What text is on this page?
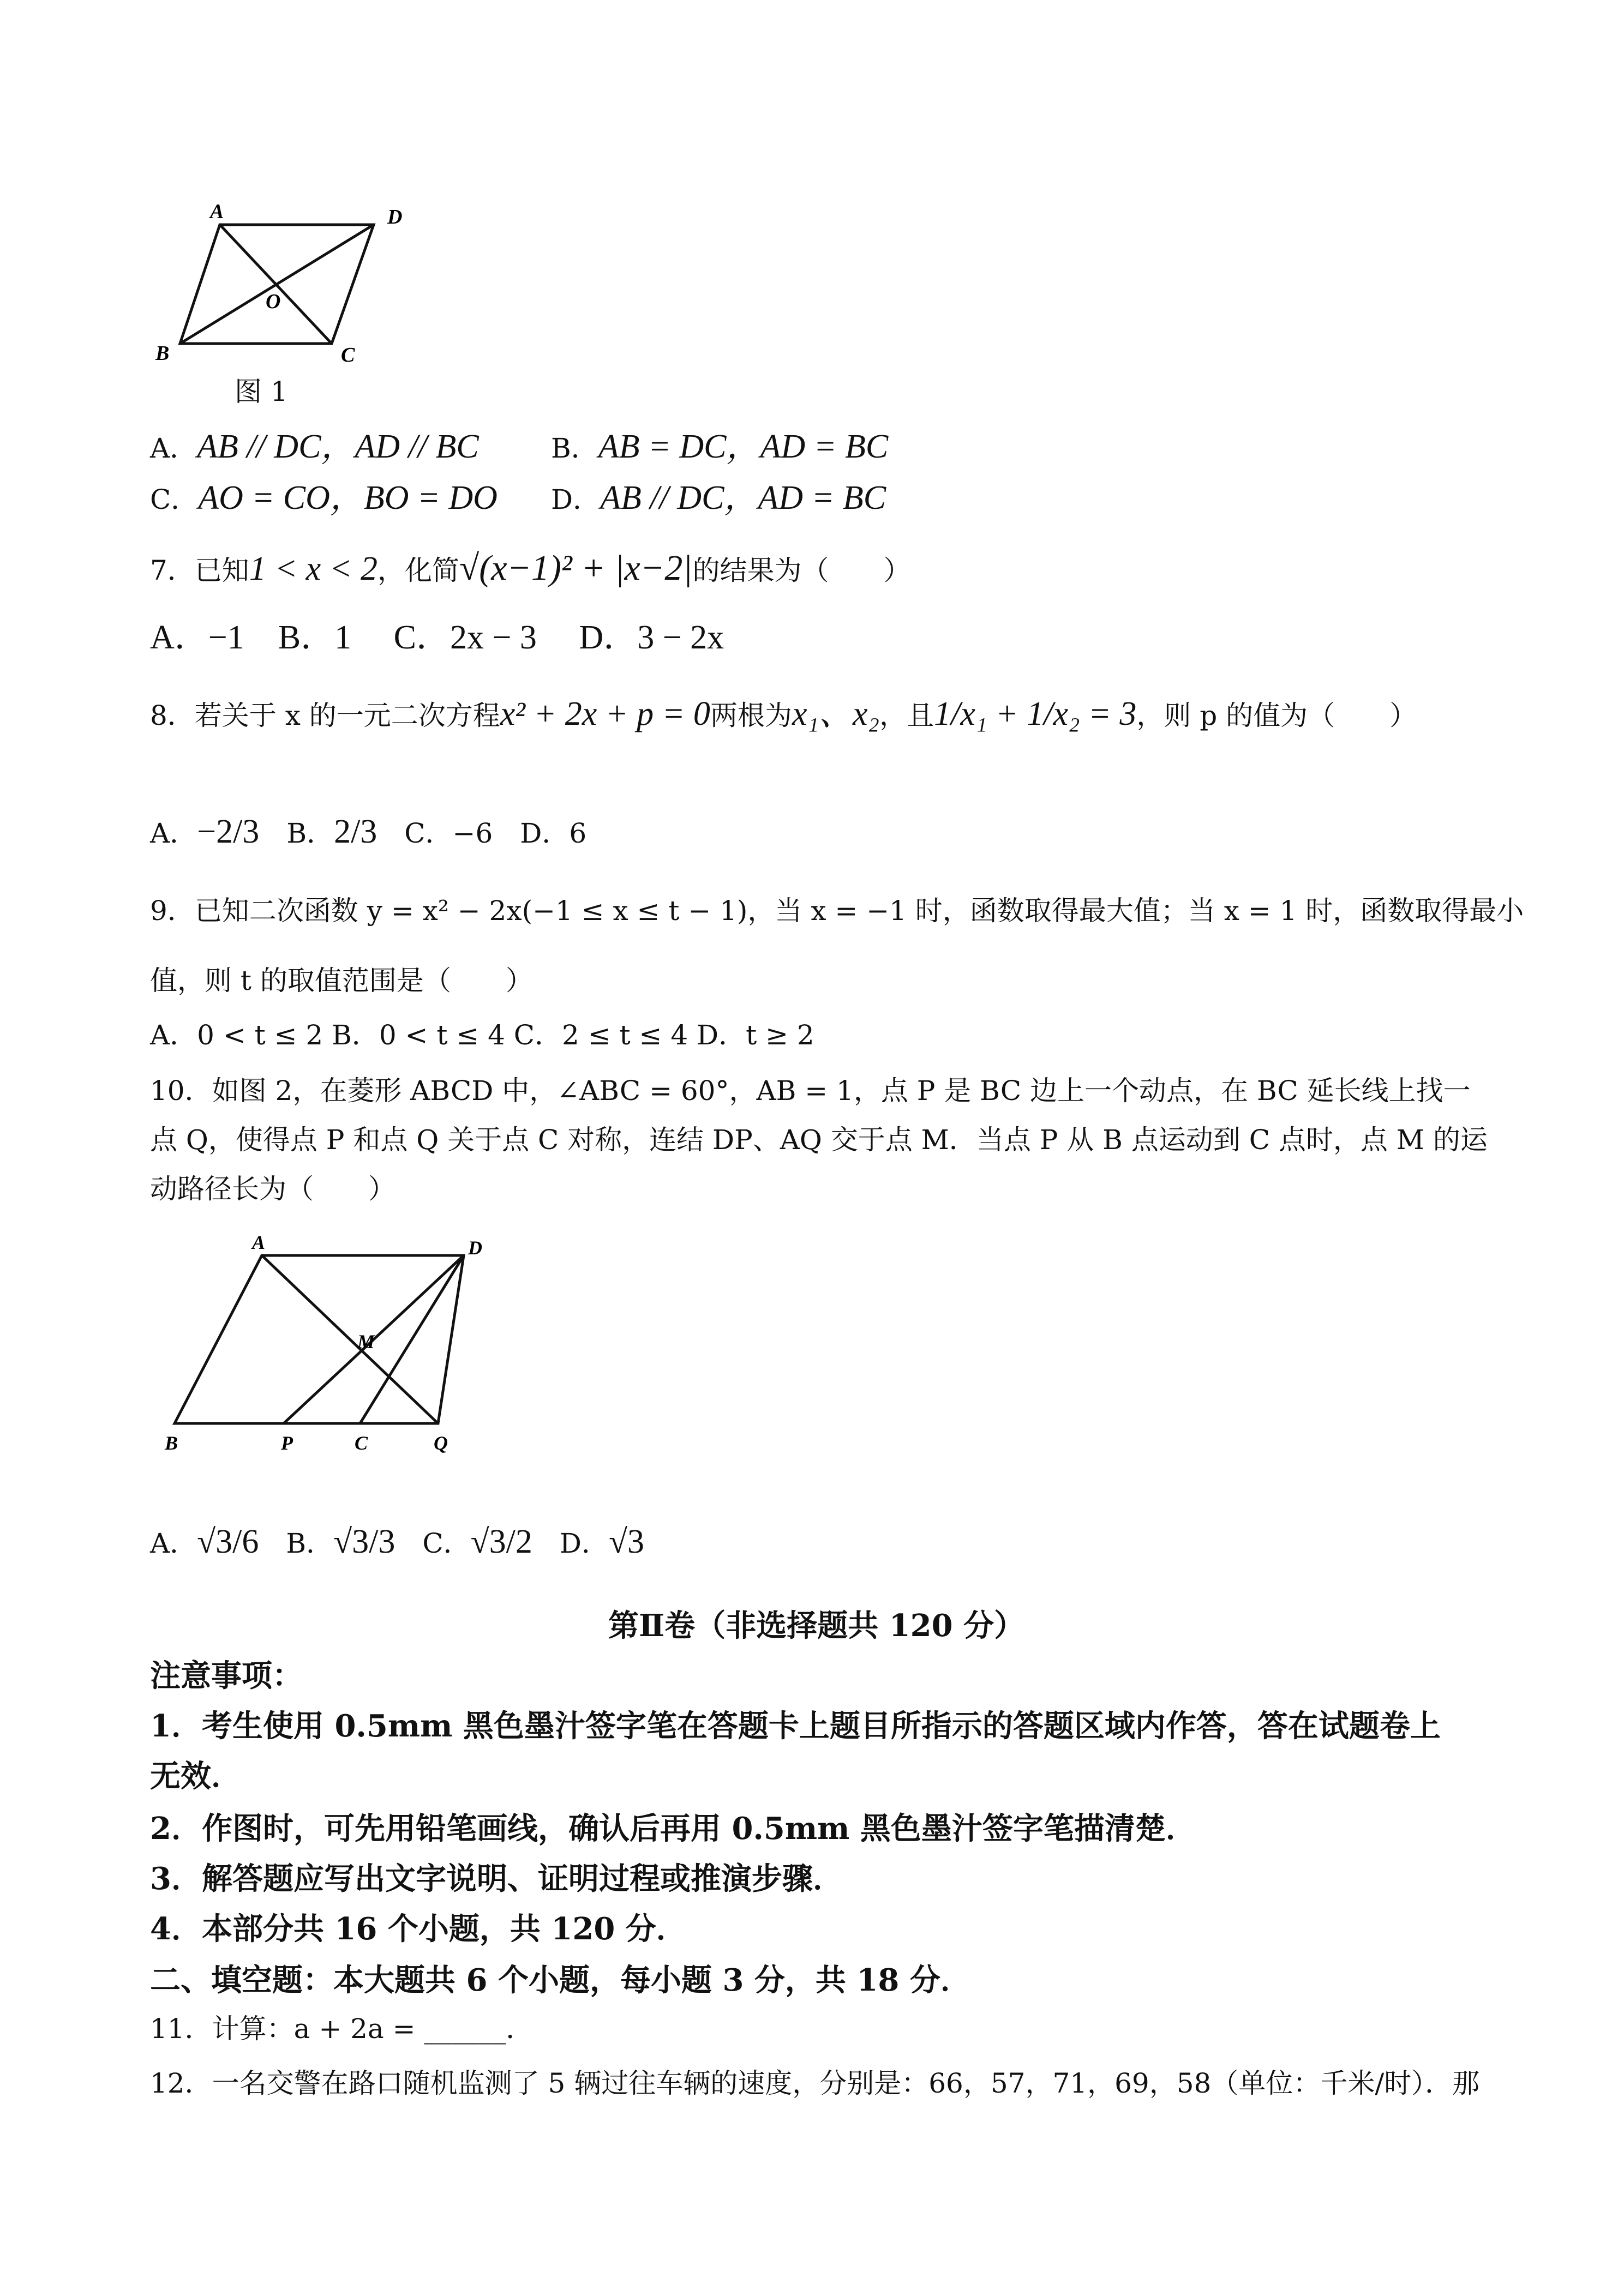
A	D
O
B	C
图 1
A．AB // DC，AD // BC	B．AB = DC，AD = BC
C．AO = CO，BO = DO D．AB // DC，AD = BC
7．已知1 < x < 2，化简√(x−1)² + |x−2|的结果为（　　）
A．−1　B．1　 C．2x − 3　 D．3 − 2x
8．若关于 x 的一元二次方程x² + 2x + p = 0两根为x₁、x₂，且1/x₁ + 1/x₂ = 3，则 p 的值为（　　）
A．−2/3　 B．2/3　 C．−6　 D．6
9．已知二次函数 y = x² − 2x(−1 ≤ x ≤ t − 1)，当 x = −1 时，函数取得最大值；当 x = 1 时，函数取得最小
值，则 t 的取值范围是（　　）
A．0 < t ≤ 2 B．0 < t ≤ 4 C．2 ≤ t ≤ 4 D．t ≥ 2
10．如图 2，在菱形 ABCD 中，∠ABC = 60°，AB = 1，点 P 是 BC 边上一个动点，在 BC 延长线上找一
点 Q，使得点 P 和点 Q 关于点 C 对称，连结 DP、AQ 交于点 M．当点 P 从 B 点运动到 C 点时，点 M 的运
动路径长为（　　）
A	D
M
B	P	C	Q
A．√3/6　 B．√3/3　 C．√3/2　 D．√3
第Ⅱ卷（非选择题共 120 分）
注意事项：
1．考生使用 0.5mm 黑色墨汁签字笔在答题卡上题目所指示的答题区域内作答，答在试题卷上
无效．
2．作图时，可先用铅笔画线，确认后再用 0.5mm 黑色墨汁签字笔描清楚．
3．解答题应写出文字说明、证明过程或推演步骤．
4．本部分共 16 个小题，共 120 分．
二、填空题：本大题共 6 个小题，每小题 3 分，共 18 分．
11．计算：a + 2a = ______．
12．一名交警在路口随机监测了 5 辆过往车辆的速度，分别是：66，57，71，69，58（单位：千米/时）．那
